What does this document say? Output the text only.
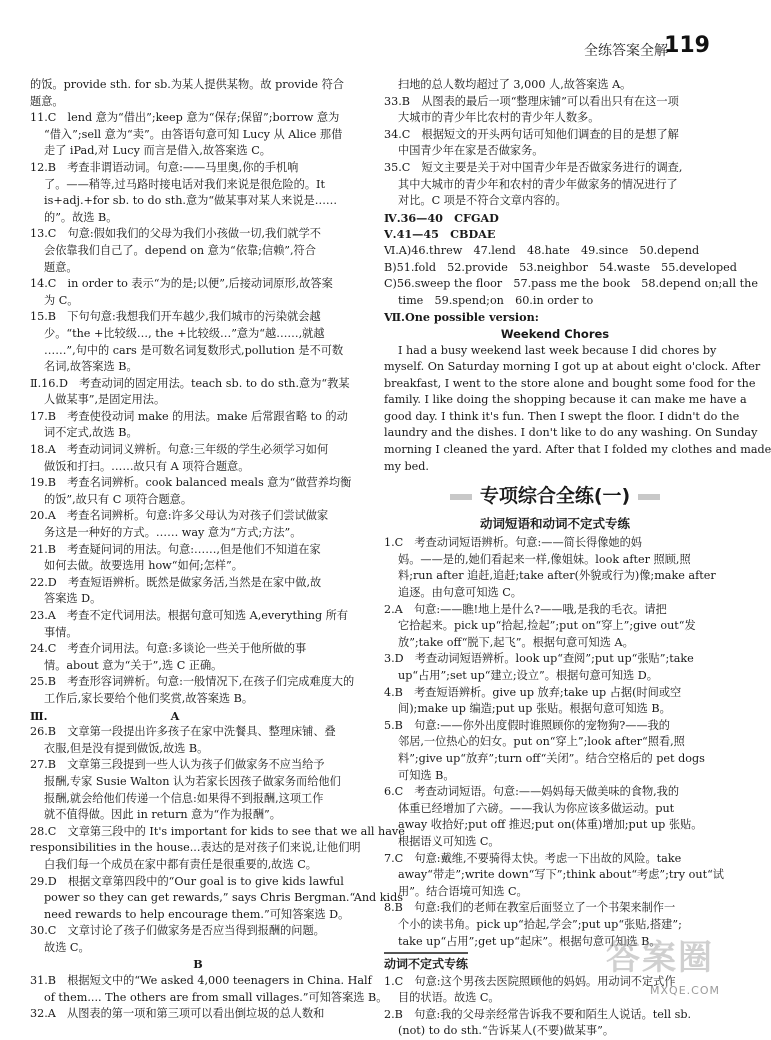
全练答案全解
119
的饭。provide sth. for sb.为某人提供某物。故 provide 符合
题意。
11.C　lend 意为“借出”;keep 意为“保存;保留”;borrow 意为
“借入”;sell 意为“卖”。由答语句意可知 Lucy 从 Alice 那借
走了 iPad,对 Lucy 而言是借入,故答案选 C。
12.B　考查非谓语动词。句意:——马里奥,你的手机响
了。——稍等,过马路时接电话对我们来说是很危险的。It
is+adj.+for sb. to do sth.意为“做某事对某人来说是……
的”。故选 B。
13.C　句意:假如我们的父母为我们小孩做一切,我们就学不
会依靠我们自己了。depend on 意为“依靠;信赖”,符合
题意。
14.C　in order to 表示“为的是;以便”,后接动词原形,故答案
为 C。
15.B　下句句意:我想我们开车越少,我们城市的污染就会越
少。“the +比较级…, the +比较级…”意为“越……,就越
……”,句中的 cars 是可数名词复数形式,pollution 是不可数
名词,故答案选 B。
Ⅱ.16.D　考查动词的固定用法。teach sb. to do sth.意为“教某
人做某事”,是固定用法。
17.B　考查使役动词 make 的用法。make 后常跟省略 to 的动
词不定式,故选 B。
18.A　考查动词词义辨析。句意:三年级的学生必须学习如何
做饭和打扫。……故只有 A 项符合题意。
19.B　考查名词辨析。cook balanced meals 意为“做营养均衡
的饭”,故只有 C 项符合题意。
20.A　考查名词辨析。句意:许多父母认为对孩子们尝试做家
务这是一种好的方式。…… way 意为“方式;方法”。
21.B　考查疑问词的用法。句意:……,但是他们不知道在家
如何去做。故要选用 how“如何;怎样”。
22.D　考查短语辨析。既然是做家务活,当然是在家中做,故
答案选 D。
23.A　考查不定代词用法。根据句意可知选 A,everything 所有
事情。
24.C　考查介词用法。句意:多谈论一些关于他所做的事
情。about 意为“关于”,选 C 正确。
25.B　考查形容词辨析。句意:一般情况下,在孩子们完成难度大的
工作后,家长要给个他们奖赏,故答案选 B。
Ⅲ.　　　　　　　　　　　A
26.B　文章第一段提出许多孩子在家中洗餐具、整理床铺、叠
衣服,但是没有提到做饭,故选 B。
27.B　文章第三段提到一些人认为孩子们做家务不应当给予
报酬,专家 Susie Walton 认为若家长因孩子做家务而给他们
报酬,就会给他们传递一个信息:如果得不到报酬,这项工作
就不值得做。因此 in return 意为“作为报酬”。
28.C　文章第三段中的 It's important for kids to see that we all have
responsibilities in the house...表达的是对孩子们来说,让他们明
白我们每一个成员在家中都有责任是很重要的,故选 C。
29.D　根据文章第四段中的“Our goal is to give kids lawful
power so they can get rewards,” says Chris Bergman.“And kids
need rewards to help encourage them.”可知答案选 D。
30.C　文章讨论了孩子们做家务是否应当得到报酬的问题。
故选 C。
B
31.B　根据短文中的“We asked 4,000 teenagers in China. Half
of them.... The others are from small villages.”可知答案选 B。
32.A　从图表的第一项和第三项可以看出倒垃圾的总人数和
扫地的总人数均超过了 3,000 人,故答案选 A。
33.B　从图表的最后一项“整理床铺”可以看出只有在这一项
大城市的青少年比农村的青少年人数多。
34.C　根据短文的开头两句话可知他们调查的目的是想了解
中国青少年在家是否做家务。
35.C　短文主要是关于对中国青少年是否做家务进行的调查,
其中大城市的青少年和农村的青少年做家务的情况进行了
对比。C 项是不符合文章内容的。
Ⅳ.36—40　CFGAD
Ⅴ.41—45　CBDAE
Ⅵ.A)46.threw　47.lend　48.hate　49.since　50.depend
B)51.fold　52.provide　53.neighbor　54.waste　55.developed
C)56.sweep the floor　57.pass me the book　58.depend on;all the
time　59.spend;on　60.in order to
Ⅶ.One possible version:
Weekend Chores
I had a busy weekend last week because I did chores by
myself. On Saturday morning I got up at about eight o'clock. After
breakfast, I went to the store alone and bought some food for the
family. I like doing the shopping because it can make me have a
good day. I think it's fun. Then I swept the floor. I didn't do the
laundry and the dishes. I don't like to do any washing. On Sunday
morning I cleaned the yard. After that I folded my clothes and made
my bed.
专项综合全练(一)
动词短语和动词不定式专练
1.C　考查动词短语辨析。句意:——简长得像她的妈
妈。——是的,她们看起来一样,像姐妹。look after 照顾,照
料;run after 追赶,追赶;take after(外貌或行为)像;make after
追逐。由句意可知选 C。
2.A　句意:——瞧!地上是什么?——哦,是我的毛衣。请把
它拾起来。pick up“拾起,捡起”;put on“穿上”;give out“发
放”;take off“脱下,起飞”。根据句意可知选 A。
3.D　考查动词短语辨析。look up“查阅”;put up“张贴”;take
up“占用”;set up“建立;设立”。根据句意可知选 D。
4.B　考查短语辨析。give up 放弃;take up 占据(时间或空
间);make up 编造;put up 张贴。根据句意可知选 B。
5.B　句意:——你外出度假时谁照顾你的宠物狗?——我的
邻居,一位热心的妇女。put on“穿上”;look after“照看,照
料”;give up“放弃”;turn off“关闭”。结合空格后的 pet dogs
可知选 B。
6.C　考查动词短语。句意:——妈妈每天做美味的食物,我的
体重已经增加了六磅。——我认为你应该多做运动。put
away 收拾好;put off 推迟;put on(体重)增加;put up 张贴。
根据语义可知选 C。
7.C　句意:戴维,不要骑得太快。考虑一下出故的风险。take
away“带走”;write down“写下”;think about“考虑”;try out“试
用”。结合语境可知选 C。
8.B　句意:我们的老师在教室后面竖立了一个书架来制作一
个小的读书角。pick up“拾起,学会”;put up“张贴,搭建”;
take up“占用”;get up“起床”。根据句意可知选 B。
动词不定式专练
1.C　句意:这个男孩去医院照顾他的妈妈。用动词不定式作
目的状语。故选 C。
2.B　句意:我的父母亲经常告诉我不要和陌生人说话。tell sb.
(not) to do sth.“告诉某人(不要)做某事”。
答案圈
MXQE.COM
